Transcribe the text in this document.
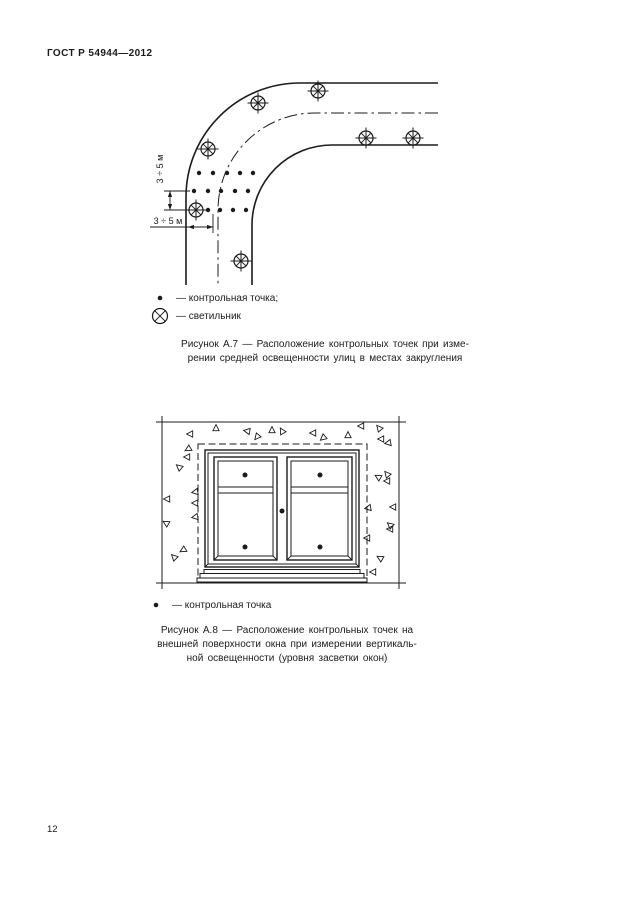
ГОСТ Р 54944—2012
3 ÷ 5 м
3 ÷ 5 м
— контрольная точка;
— светильник
Рисунок А.7 — Расположение контрольных точек при изме-
рении средней освещенности улиц в местах закругления
— контрольная точка
Рисунок А.8 — Расположение контрольных точек на
внешней поверхности окна при измерении вертикаль-
ной освещенности (уровня засветки окон)
12
